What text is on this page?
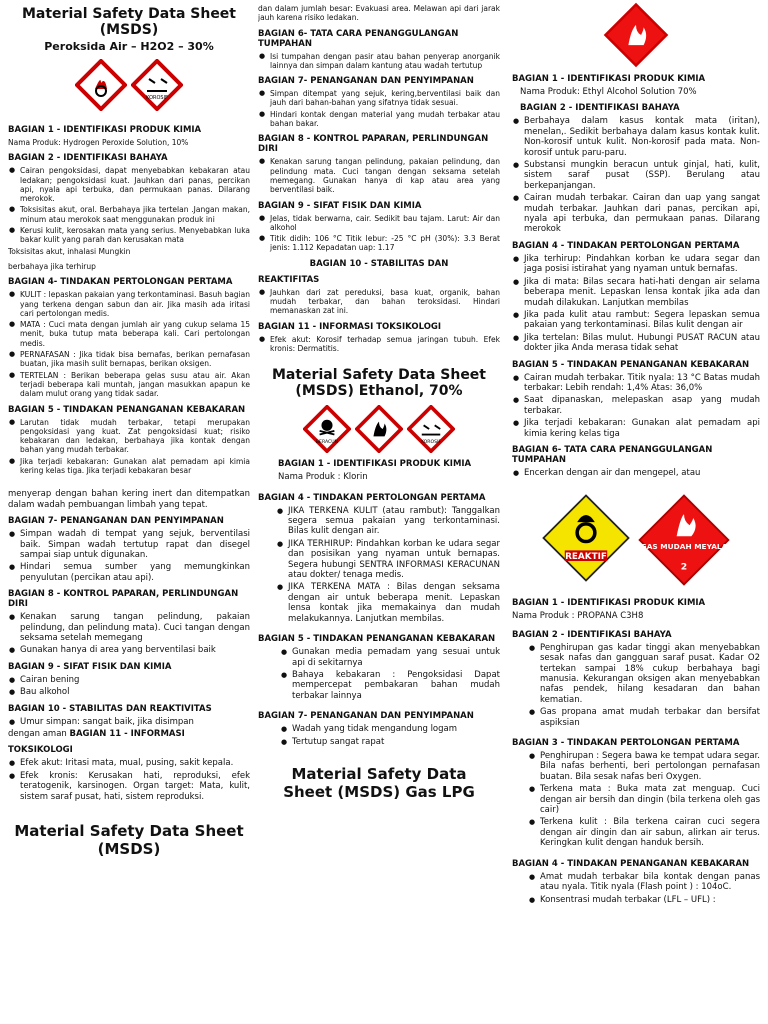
Material Safety Data Sheet (MSDS)
Peroksida Air – H2O2 – 30%
KOROSIF
BAGIAN 1 - IDENTIFIKASI PRODUK KIMIA

Nama Produk: Hydrogen Peroxide Solution, 10%

BAGIAN 2 - IDENTIFIKASI BAHAYA
● Cairan pengoksidasi, dapat menyebabkan kebakaran atau ledakan; pengoksidasi kuat. Jauhkan dari panas, percikan api, nyala api terbuka, dan permukaan panas. Dilarang merokok.
● Toksisitas akut, oral. Berbahaya jika tertelan .Jangan makan, minum atau merokok saat menggunakan produk ini
● Kerusi kulit, kerosakan mata yang serius. Menyebabkan luka bakar kulit yang parah dan kerusakan mata

Toksisitas akut, inhalasi Mungkin

berbahaya jika terhirup

BAGIAN 4- TINDAKAN PERTOLONGAN PERTAMA
● KULIT : lepaskan pakaian yang terkontaminasi. Basuh bagian yang terkena dengan sabun dan air. Jika masih ada iritasi cari pertolongan medis.
● MATA : Cuci mata dengan jumlah air yang cukup selama 15 menit, buka tutup mata beberapa kali. Cari pertolongan medis.
● PERNAFASAN : Jika tidak bisa bernafas, berikan pernafasan buatan, jika masih sulit bernapas, berikan oksigen.
● TERTELAN : Berikan beberapa gelas susu atau air. Akan terjadi beberapa kali muntah, jangan masukkan apapun ke dalam mulut orang yang tidak sadar.
BAGIAN 5 - TINDAKAN PENANGANAN KEBAKARAN
● Larutan tidak mudah terbakar, tetapi merupakan pengoksidasi yang kuat. Zat pengoksidasi kuat; risiko kebakaran dan ledakan, berbahaya jika kontak dengan bahan yang mudah terbakar.
● Jika terjadi kebakaran: Gunakan alat pemadam api kimia kering kelas tiga. Jika terjadi kebakaran besar

menyerap dengan bahan kering inert dan ditempatkan dalam wadah pembuangan limbah yang tepat.

BAGIAN 7- PENANGANAN DAN PENYIMPANAN
● Simpan wadah di tempat yang sejuk, berventilasi baik. Simpan wadah tertutup rapat dan disegel sampai siap untuk digunakan.
● Hindari semua sumber yang memungkinkan penyulutan (percikan atau api).
BAGIAN 8 - KONTROL PAPARAN, PERLINDUNGAN DIRI
● Kenakan sarung tangan pelindung, pakaian pelindung, dan pelindung mata). Cuci tangan dengan seksama setelah memegang
● Gunakan hanya di area yang berventilasi baik
BAGIAN 9 - SIFAT FISIK DAN KIMIA
● Cairan bening
● Bau alkohol
BAGIAN 10 - STABILITAS DAN REAKTIVITAS
● Umur simpan: sangat baik, jika disimpan

dengan aman BAGIAN 11 - INFORMASI

TOKSIKOLOGI
● Efek akut: Iritasi mata, mual, pusing, sakit kepala.
● Efek kronis: Kerusakan hati, reproduksi, efek teratogenik, karsinogen. Organ target: Mata, kulit, sistem saraf pusat, hati, sistem reproduksi.
Material Safety Data Sheet (MSDS)

dan dalam jumlah besar: Evakuasi area. Melawan api dari jarak jauh karena risiko ledakan.

BAGIAN 6- TATA CARA PENANGGULANGAN TUMPAHAN
● Isi tumpahan dengan pasir atau bahan penyerap anorganik lainnya dan simpan dalam kantung atau wadah tertutup
BAGIAN 7- PENANGANAN DAN PENYIMPANAN
● Simpan ditempat yang sejuk, kering,berventilasi baik dan jauh dari bahan-bahan yang sifatnya tidak sesuai.
● Hindari kontak dengan material yang mudah terbakar atau bahan bakar.
BAGIAN 8 - KONTROL PAPARAN, PERLINDUNGAN DIRI
● Kenakan sarung tangan pelindung, pakaian pelindung, dan pelindung mata. Cuci tangan dengan seksama setelah memegang. Gunakan hanya di kap atau area yang berventilasi baik.
BAGIAN 9 - SIFAT FISIK DAN KIMIA
● Jelas, tidak berwarna, cair. Sedikit bau tajam. Larut: Air dan alkohol
● Titik didih: 106 °C Titik lebur: -25 °C pH (30%): 3.3 Berat jenis: 1.112 Kepadatan uap: 1.17
BAGIAN 10 - STABILITAS DAN
REAKTIFITAS
● Jauhkan dari zat pereduksi, basa kuat, organik, bahan mudah terbakar, dan bahan teroksidasi. Hindari memanaskan zat ini.
BAGIAN 11 - INFORMASI TOKSIKOLOGI
● Efek akut: Korosif terhadap semua jaringan tubuh. Efek kronis: Dermatitis.
Material Safety Data Sheet (MSDS) Ethanol, 70%
BERACUN	KOROSIF
BAGIAN 1 - IDENTIFIKASI PRODUK KIMIA

Nama Produk : Klorin

BAGIAN 4 - TINDAKAN PERTOLONGAN PERTAMA
● JIKA TERKENA KULIT (atau rambut): Tanggalkan segera semua pakaian yang terkontaminasi. Bilas kulit dengan air.
● JIKA TERHIRUP: Pindahkan korban ke udara segar dan posisikan yang nyaman untuk bernapas. Segera hubungi SENTRA INFORMASI KERACUNAN atau dokter/ tenaga medis.
● JIKA TERKENA MATA : Bilas dengan seksama dengan air untuk beberapa menit. Lepaskan lensa kontak jika memakainya dan mudah melakukannya. Lanjutkan membilas.
BAGIAN 5 - TINDAKAN PENANGANAN KEBAKARAN
● Gunakan media pemadam yang sesuai untuk api di sekitarnya
● Bahaya kebakaran : Pengoksidasi Dapat mempercepat pembakaran bahan mudah terbakar lainnya
BAGIAN 7- PENANGANAN DAN PENYIMPANAN
● Wadah yang tidak mengandung logam
● Tertutup sangat rapat
Material Safety Data Sheet (MSDS) Gas LPG
BAGIAN 1 - IDENTIFIKASI PRODUK KIMIA

Nama Produk: Ethyl Alcohol Solution 70%

BAGIAN 2 - IDENTIFIKASI BAHAYA
● Berbahaya dalam kasus kontak mata (iritan), menelan,. Sedikit berbahaya dalam kasus kontak kulit. Non-korosif untuk kulit. Non-korosif pada mata. Non-korosif untuk paru-paru.
● Substansi mungkin beracun untuk ginjal, hati, kulit, sistem saraf pusat (SSP). Berulang atau berkepanjangan.
● Cairan mudah terbakar. Cairan dan uap yang sangat mudah terbakar. Jauhkan dari panas, percikan api, nyala api terbuka, dan permukaan panas. Dilarang merokok
BAGIAN 4 - TINDAKAN PERTOLONGAN PERTAMA
● Jika terhirup: Pindahkan korban ke udara segar dan jaga posisi istirahat yang nyaman untuk bernafas.
● Jika di mata: Bilas secara hati-hati dengan air selama beberapa menit. Lepaskan lensa kontak jika ada dan mudah dilakukan. Lanjutkan membilas
● Jika pada kulit atau rambut: Segera lepaskan semua pakaian yang terkontaminasi. Bilas kulit dengan air
● Jika tertelan: Bilas mulut. Hubungi PUSAT RACUN atau dokter jika Anda merasa tidak sehat
BAGIAN 5 - TINDAKAN PENANGANAN KEBAKARAN
● Cairan mudah terbakar. Titik nyala: 13 °C Batas mudah terbakar: Lebih rendah: 1,4% Atas: 36,0%
● Saat dipanaskan, melepaskan asap yang mudah terbakar.
● Jika terjadi kebakaran: Gunakan alat pemadam api kimia kering kelas tiga
BAGIAN 6- TATA CARA PENANGGULANGAN TUMPAHAN
● Encerkan dengan air dan mengepel, atau
REAKTIF
GAS MUDAH MEYALA
2
BAGIAN 1 - IDENTIFIKASI PRODUK KIMIA

Nama Produk : PROPANA C3H8

BAGIAN 2 - IDENTIFIKASI BAHAYA
● Penghirupan gas kadar tinggi akan menyebabkan sesak nafas dan gangguan saraf pusat. Kadar O2 tertekan sampai 18% cukup berbahaya bagi manusia. Kekurangan oksigen akan menyebabkan nafas pendek, hilang kesadaran dan bahan kematian.
● Gas propana amat mudah terbakar dan bersifat aspiksian
BAGIAN 3 - TINDAKAN PERTOLONGAN PERTAMA
● Penghirupan : Segera bawa ke tempat udara segar. Bila nafas berhenti, beri pertolongan pernafasan buatan. Bila sesak nafas beri Oxygen.
● Terkena mata : Buka mata zat menguap. Cuci dengan air bersih dan dingin (bila terkena oleh gas cair)
● Terkena kulit : Bila terkena cairan cuci segera dengan air dingin dan air sabun, alirkan air terus. Keringkan kulit dengan handuk bersih.
BAGIAN 4 - TINDAKAN PENANGANAN KEBAKARAN
● Amat mudah terbakar bila kontak dengan panas atau nyala. Titik nyala (Flash point ) : 104oC.
● Konsentrasi mudah terbakar (LFL – UFL) :
